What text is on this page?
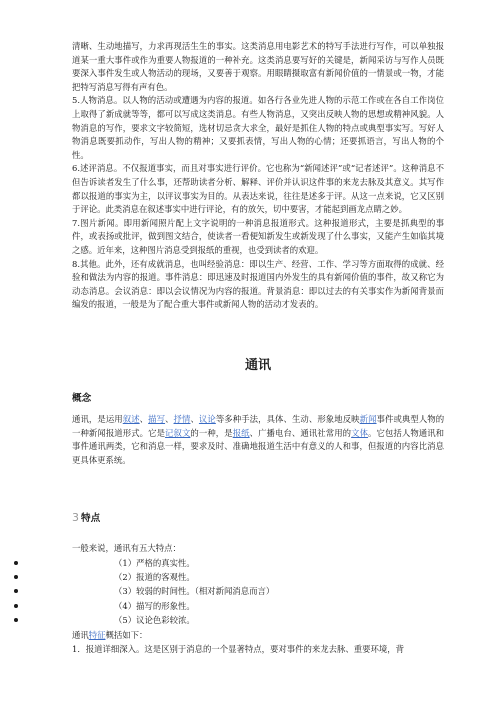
清晰、生动地描写，力求再现活生生的事实。这类消息用电影艺术的特写手法进行写作，可以单独报道某一重大事件或作为重要人物报道的一种补充。这类消息要写好的关键是，新闻采访与写作人员既要深入事件发生或人物活动的现场，又要善于观察。用眼睛摄取富有新闻价值的一情景或一物，才能把特写消息写得有声有色。

5.人物消息。以人物的活动或遭遇为内容的报道。如各行各业先进人物的示范工作或在各自工作岗位上取得了新成就等等，都可以写成这类消息。有些人物消息，又突出反映人物的思想或精神风貌。人物消息的写作，要求文字较简短，选材切忌贪大求全，最好是抓住人物的特点或典型事实写。写好人物消息既要抓动作，写出人物的精神；又要抓表情，写出人物的心情；还要抓语言，写出人物的个性。

6.述评消息。不仅报道事实，而且对事实进行评价。它也称为“新闻述评”或“记者述评”。这种消息不但告诉读者发生了什么事，还帮助读者分析、解释、评价并认识这件事的来龙去脉及其意义。其写作都以报道的事实为主，以评议事实为目的。从表达来说，往往是述多于评。从这一点来说，它又区别于评论。此类消息在叙述事实中进行评论，有的放矢，切中要害，才能起到画龙点睛之妙。

7.图片新闻。即用新闻照片配上文字说明的一种消息报道形式。这种报道形式，主要是抓典型的事件，或表扬或批评，做到图文结合，使读者一看便知新发生或新发现了什么事实，又能产生如临其境之感。近年来，这种图片消息受到报纸的重视，也受到读者的欢迎。

8.其他。此外，还有成就消息，也叫经验消息：即以生产、经营、工作、学习等方面取得的成就、经验和做法为内容的报道。事件消息：即迅速及时报道国内外发生的具有新闻价值的事件，故又称它为动态消息。会议消息：即以会议情况为内容的报道。背景消息：即以过去的有关事实作为新闻背景而编发的报道，一般是为了配合重大事件或新闻人物的活动才发表的。

通讯
概念

通讯，是运用叙述、描写、抒情、议论等多种手法，具体、生动、形象地反映新闻事件或典型人物的一种新闻报道形式。它是记叙文的一种，是报纸、广播电台、通讯社常用的文体。它包括人物通讯和事件通讯两类，它和消息一样，要求及时、准确地报道生活中有意义的人和事，但报道的内容比消息更具体更系统。

3 特点

一般来说，通讯有五大特点：

（1）严格的真实性。
（2）报道的客观性。
（3）较弱的时间性。（相对新闻消息而言）
（4）描写的形象性。
（5）议论色彩较浓。

通讯特征概括如下：

1．报道详细深入。这是区别于消息的一个显著特点，要对事件的来龙去脉、重要环境，背
